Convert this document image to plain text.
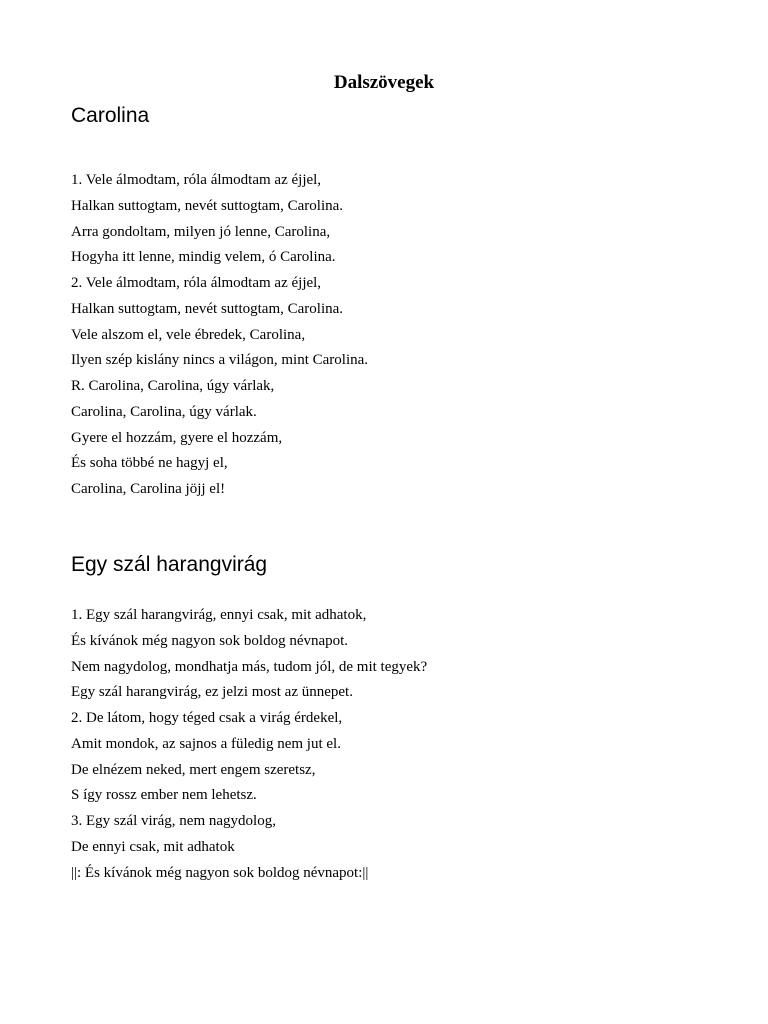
Dalszövegek
Carolina
1. Vele álmodtam, róla álmodtam az éjjel,
Halkan suttogtam, nevét suttogtam, Carolina.
Arra gondoltam, milyen jó lenne, Carolina,
Hogyha itt lenne, mindig velem, ó Carolina.
2. Vele álmodtam, róla álmodtam az éjjel,
Halkan suttogtam, nevét suttogtam, Carolina.
Vele alszom el, vele ébredek, Carolina,
Ilyen szép kislány nincs a világon, mint Carolina.
R. Carolina, Carolina, úgy várlak,
Carolina, Carolina, úgy várlak.
Gyere el hozzám, gyere el hozzám,
És soha többé ne hagyj el,
Carolina, Carolina jöjj el!
Egy szál harangvirág
1. Egy szál harangvirág, ennyi csak, mit adhatok,
És kívánok még nagyon sok boldog névnapot.
Nem nagydolog, mondhatja más, tudom jól, de mit tegyek?
Egy szál harangvirág, ez jelzi most az ünnepet.
2. De látom, hogy téged csak a virág érdekel,
Amit mondok, az sajnos a füledig nem jut el.
De elnézem neked, mert engem szeretsz,
S így rossz ember nem lehetsz.
3. Egy szál virág, nem nagydolog,
De ennyi csak, mit adhatok
||: És kívánok még nagyon sok boldog névnapot:||
